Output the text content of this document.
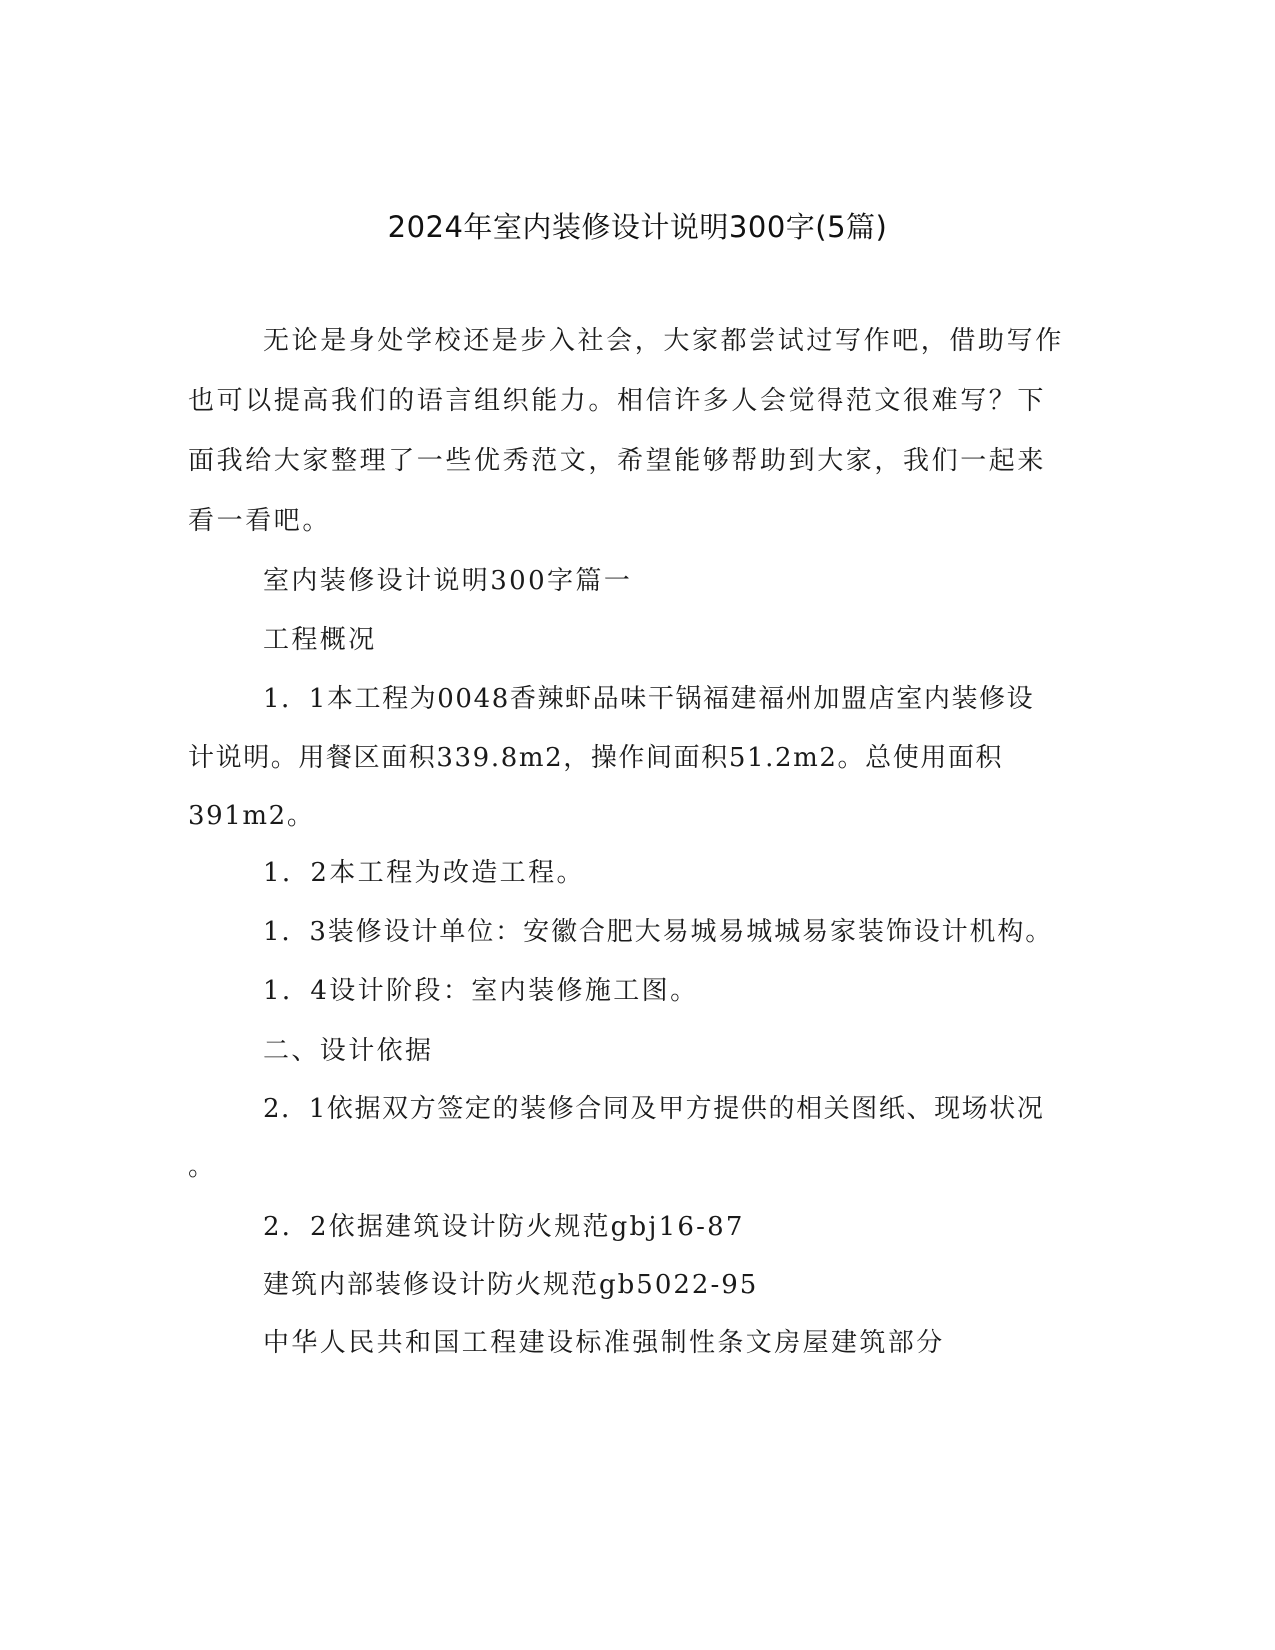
2024年室内装修设计说明300字(5篇)
无论是身处学校还是步入社会，大家都尝试过写作吧，借助写作
也可以提高我们的语言组织能力。相信许多人会觉得范文很难写？下
面我给大家整理了一些优秀范文，希望能够帮助到大家，我们一起来
看一看吧。
室内装修设计说明300字篇一
工程概况
1．1本工程为0048香辣虾品味干锅福建福州加盟店室内装修设
计说明。用餐区面积339.8m2，操作间面积51.2m2。总使用面积
391m2。
1．2本工程为改造工程。
1．3装修设计单位：安徽合肥大易城易城城易家装饰设计机构。
1．4设计阶段：室内装修施工图。
二、设计依据
2．1依据双方签定的装修合同及甲方提供的相关图纸、现场状况
。
2．2依据建筑设计防火规范gbj16-87
建筑内部装修设计防火规范gb5022-95
中华人民共和国工程建设标准强制性条文房屋建筑部分
